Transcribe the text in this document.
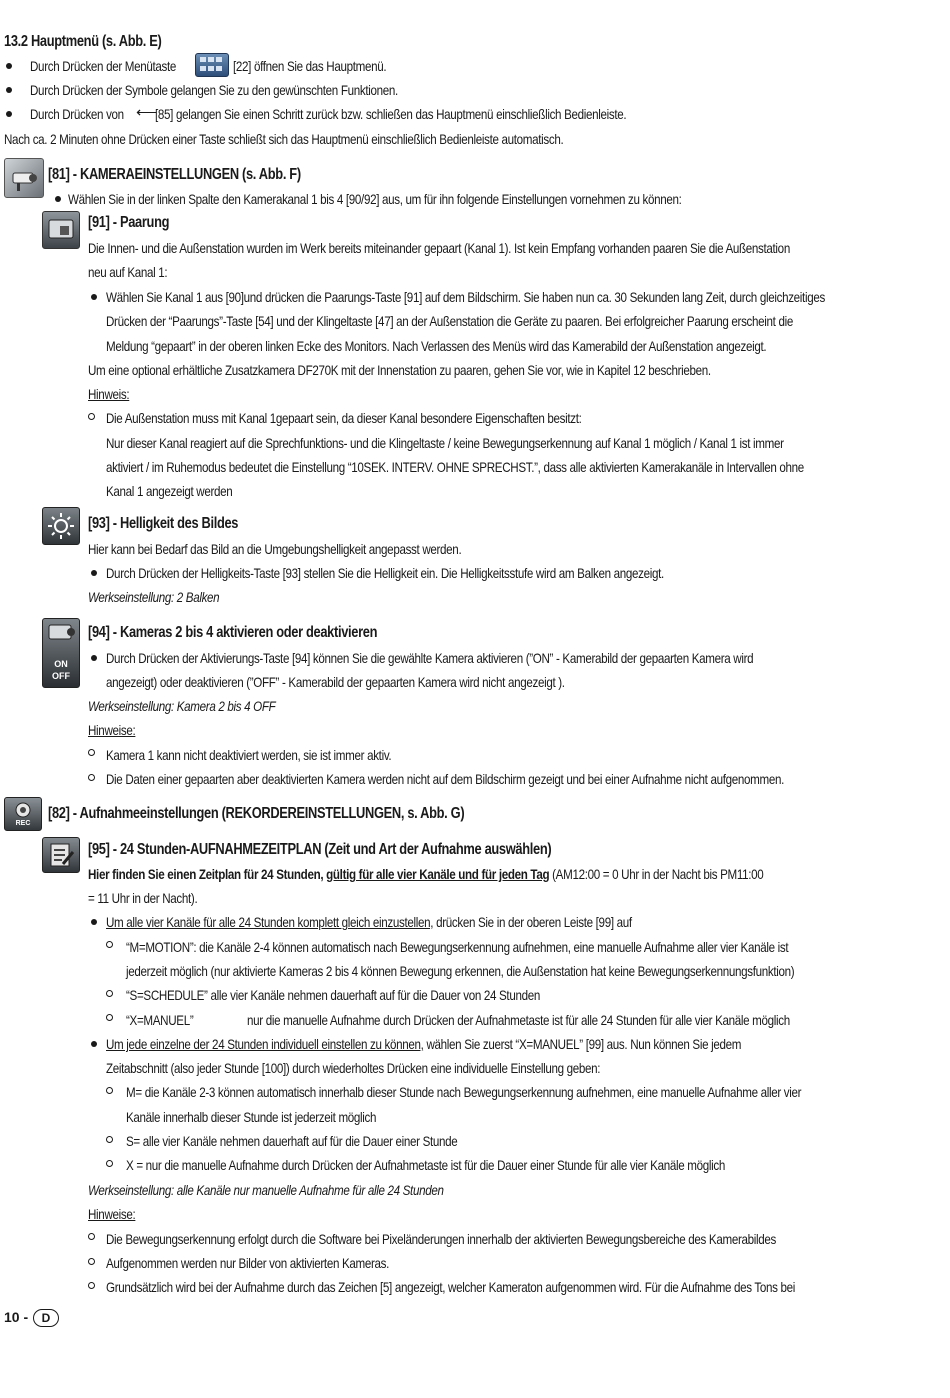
13.2 Hauptmenü (s. Abb. E)
Durch Drücken der Menütaste	[22] öffnen Sie das Hauptmenü.
Durch Drücken der Symbole gelangen Sie zu den gewünschten Funktionen.
Durch Drücken von ⟵
[85] gelangen Sie einen Schritt zurück bzw. schließen das Hauptmenü einschließlich Bedienleiste.
Nach ca. 2 Minuten ohne Drücken einer Taste schließt sich das Hauptmenü einschließlich Bedienleiste automatisch.
[81] - KAMERAEINSTELLUNGEN (s. Abb. F)
Wählen Sie in der linken Spalte den Kamerakanal 1 bis 4 [90/92] aus, um für ihn folgende Einstellungen vornehmen zu können:
[91] - Paarung
Die Innen- und die Außenstation wurden im Werk bereits miteinander gepaart (Kanal 1). Ist kein Empfang vorhanden paaren Sie die Außenstation
neu auf Kanal 1:
Wählen Sie Kanal 1 aus [90]und drücken die Paarungs-Taste [91] auf dem Bildschirm. Sie haben nun ca. 30 Sekunden lang Zeit, durch gleichzeitiges
Drücken der “Paarungs”-Taste [54] und der Klingeltaste [47] an der Außenstation die Geräte zu paaren. Bei erfolgreicher Paarung erscheint die
Meldung “gepaart” in der oberen linken Ecke des Monitors. Nach Verlassen des Menüs wird das Kamerabild der Außenstation angezeigt.
Um eine optional erhältliche Zusatzkamera DF270K mit der Innenstation zu paaren, gehen Sie vor, wie in Kapitel 12 beschrieben.
Hinweis:
Die Außenstation muss mit Kanal 1gepaart sein, da dieser Kanal besondere Eigenschaften besitzt:
Nur dieser Kanal reagiert auf die Sprechfunktions- und die Klingeltaste / keine Bewegungserkennung auf Kanal 1 möglich / Kanal 1 ist immer
aktiviert / im Ruhemodus bedeutet die Einstellung “10SEK. INTERV. OHNE SPRECHST.”, dass alle aktivierten Kamerakanäle in Intervallen ohne
Kanal 1 angezeigt werden
[93] - Helligkeit des Bildes
Hier kann bei Bedarf das Bild an die Umgebungshelligkeit angepasst werden.
Durch Drücken der Helligkeits-Taste [93] stellen Sie die Helligkeit ein. Die Helligkeitsstufe wird am Balken angezeigt.
Werkseinstellung: 2 Balken
ON
OFF
[94] - Kameras 2 bis 4 aktivieren oder deaktivieren
Durch Drücken der Aktivierungs-Taste [94] können Sie die gewählte Kamera aktivieren (”ON” - Kamerabild der gepaarten Kamera wird
angezeigt) oder deaktivieren (”OFF” - Kamerabild der gepaarten Kamera wird nicht angezeigt ).
Werkseinstellung: Kamera 2 bis 4 OFF
Hinweise:
Kamera 1 kann nicht deaktiviert werden, sie ist immer aktiv.
Die Daten einer gepaarten aber deaktivierten Kamera werden nicht auf dem Bildschirm gezeigt und bei einer Aufnahme nicht aufgenommen.
REC
[82] - Aufnahmeeinstellungen (REKORDEREINSTELLUNGEN, s. Abb. G)
[95] - 24 Stunden-AUFNAHMEZEITPLAN (Zeit und Art der Aufnahme auswählen)
Hier finden Sie einen Zeitplan für 24 Stunden, gültig für alle vier Kanäle und für jeden Tag (AM12:00 = 0 Uhr in der Nacht bis PM11:00
= 11 Uhr in der Nacht).
Um alle vier Kanäle für alle 24 Stunden komplett gleich einzustellen, drücken Sie in der oberen Leiste [99] auf
“M=MOTION”: die Kanäle 2-4 können automatisch nach Bewegungserkennung aufnehmen, eine manuelle Aufnahme aller vier Kanäle ist
jederzeit möglich (nur aktivierte Kameras 2 bis 4 können Bewegung erkennen, die Außenstation hat keine Bewegungserkennungsfunktion)
“S=SCHEDULE” alle vier Kanäle nehmen dauerhaft auf für die Dauer von 24 Stunden
“X=MANUEL”	nur die manuelle Aufnahme durch Drücken der Aufnahmetaste ist für alle 24 Stunden für alle vier Kanäle möglich
Um jede einzelne der 24 Stunden individuell einstellen zu können, wählen Sie zuerst “X=MANUEL” [99] aus. Nun können Sie jedem
Zeitabschnitt (also jeder Stunde [100]) durch wiederholtes Drücken eine individuelle Einstellung geben:
M= die Kanäle 2-3 können automatisch innerhalb dieser Stunde nach Bewegungserkennung aufnehmen, eine manuelle Aufnahme aller vier
Kanäle innerhalb dieser Stunde ist jederzeit möglich
S= alle vier Kanäle nehmen dauerhaft auf für die Dauer einer Stunde
X = nur die manuelle Aufnahme durch Drücken der Aufnahmetaste ist für die Dauer einer Stunde für alle vier Kanäle möglich
Werkseinstellung: alle Kanäle nur manuelle Aufnahme für alle 24 Stunden
Hinweise:
Die Bewegungserkennung erfolgt durch die Software bei Pixeländerungen innerhalb der aktivierten Bewegungsbereiche des Kamerabildes
Aufgenommen werden nur Bilder von aktivierten Kameras.
Grundsätzlich wird bei der Aufnahme durch das Zeichen [5] angezeigt, welcher Kameraton aufgenommen wird. Für die Aufnahme des Tons bei
10 -	D
